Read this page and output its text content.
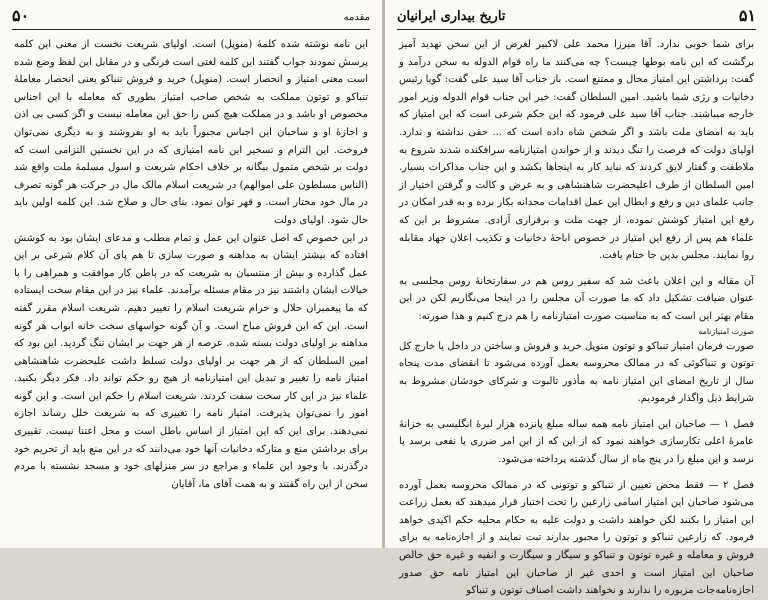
۵۰	مقدمه

این نامه نوشته شده کلمهٔ (منوپل) است. اولیای شریعت نخست از معنی این کلمه پرسش نمودند جواب گفتند این کلمه لغتی است فرنگی و در مقابل این لفظ وضع شده است معنی امتیاز و انحصار است. (منوپل) خرید و فروش تنباکو یعنی انحصار معاملهٔ تنباکو و توتون مملکت به شخص صاحب امتیاز بطوری که معامله با این اجناس مخصوص او باشد و در مملکت هیچ کس را حق این معامله نیست و اگر کسی بی اذن و اجازهٔ او و ساحبان این اجناس مجبوراً باید به او بفروشند و به دیگری نمی‌توان فروخت. این الترام و تسخیر این نامه امتیازی که در این نخستین التزامی است که دولت بر شخص متمول بیگانه بر خلاف احکام شریعت و اسول مسلمهٔ ملت واقع شد (الناس مسلطون علی اموالهم) در شریعت اسلام مالک مال در حرکت هر گونه تصرف در مال خود مختار است. و قهر توان نمود. بنای حال و صلاح شد. این کلمه اولین باید حال شود. اولیای دولت

در این خصوص که اصل عنوان این عمل و تمام مطلب و مدعای ایشان بود به کوشش افتاده که بیشتر ایشان به مداهنه و صورت سازی تا هم پای آن کلام شرعی بر این عمل گذارده و بیش از منتسبان به شریعت که در باطن کار موافقت و همراهی را با خیالات ایشان داشتند نیز در مقام مسئله برآمدند. علماء نیز در این مقام سخت ایستاده که ما پیغمبران حلال و حرام شریعت اسلام را تغییر دهیم. شریعت اسلام مقرر گفته است. این که این فروش مباح است. و آن گونه حواسهای سخت خانه ابواب هر گونه مداهنه بر اولیای دولت بسته شده. عرصه از هر جهت بر ایشان تنگ گردید. این بود که امین السلطان که از هر جهت بر اولیای دولت تسلط داشت علیحضرت شاهنشاهی امتیاز نامه را تغییر و تبدیل این امتیازنامه از هیچ رو حکم تواند داد. فکر دیگر بکنید. علماء نیز در این کار سخت سفت کردند. شریعت اسلام را حکم این است. و این گونه امور را نمی‌توان پذیرفت. امتیاز نامه را تغییری که به شریعت خلل رساند اجازه نمی‌دهند. برای این که این امتیاز از اساس باطل است و محل اعتنا نیست. تقییری برای برداشتن منع و متارکه دخانیات آنها خود می‌دانند که در این منع باید از تحریم خود درگذرند. با وجود این علماء و مراجع در سر منزلهای خود و مسجد نشسته با مردم سخن از این راه گفتند و به همت آقای ما، آقایان

۵۱
تاریخ بیداری ایرانیان

برای شما خوبی ندارد. آقا میرزا محمد علی لاکبیر لغرض از این سخن تهدید آمیز برگشت که این نامه بوطها چیست؟ چه می‌کنند ما راه قوام الدوله به سخن درآمد و گفت: برداشتن این امتیاز محال و ممتنع است. باز جناب آقا سید علی گفت: گویا رئیس دخانیات و رژی شما باشید. امین السلطان گفت: خیر این جناب قوام الدوله وزیر امور خارجه میباشند. جناب آقا سید علی فرمود که این حکم شرعی است که این امتیاز که باید به امضای ملت باشد و اگر شخص شاه داده است که ... حقی نداشته و ندارد. اولیای دولت که فرصت را تنگ دیدند و از خواندن امتیازنامه سرافکنده شدند شروع به ملاطفت و گفتار لایق کردند که نباید کار به اینجاها بکشد و این جناب مذاکرات بسیار. امین السلطان از طرف اعلیحضرت شاهنشاهی و به عرض و کالت و گرفتن اختیار از جانب علمای دین و رفع و ابطال این عمل اقدامات مجدانه بکار برده و به قدر امکان در رفع این امتیاز کوشش نموده، از جهت ملت و برقراری آزادی. مشروط بر این که علماء هم پس از رفع این امتیاز در خصوص اباحهٔ دخانیات و تکذیب اعلان جهاد مقابله روا نمایند. مجلس بدین جا ختام یافت.

آن مقاله و این اعلان باعث شد که سفیر روس هم در سفارتخانهٔ روس مجلسی به عنوان ضیافت تشکیل داد که ما صورت آن مجلس را در اینجا می‌نگاریم لکن در این مقام بهتر این است که به مناسبت صورت امتیازنامه را هم درج کنیم و هذا صورته:

صورت امتیازنامه

صورت فرمان امتیاز تنباکو و توتون منوپل خرید و فروش و ساختن در داخل یا خارج کل توتون و تنباکوئی که در ممالک محروسه بعمل آورده می‌شود تا انقضای مدت پنجاه سال از تاریخ امضای این امتیاز نامه به مأذور تالبوت و شرکای خودشان مشروط به شرایط ذیل واگذار فرمودیم.

فصل ۱ — صاحبان این امتیاز نامه همه ساله مبلغ پانزده هزار لیرهٔ انگلیسی به خزانهٔ عامرهٔ اعلی تکارسازی خواهند نمود که از این که از این امر ضرری یا نفعی برسد یا نرسد و این مبلغ را در پنج ماه از سال گذشته پرداخته می‌شود.

فصل ۲ — فقط محض تعیین از تنباکو و توتونی که در ممالک محروسه بعمل آورده می‌شود صاحبان این امتیاز اسامی زارعین را تحت اختیار قرار میدهند که بعمل زراعت این امتیاز را بکنند لکن خواهند داشت و دولت علیه به حکام محلیه حکم اکیدی خواهد فرمود. که زارعین تنباکو و توتون را مجبور بدارند تبت نمایند و از اجازه‌نامه به برای فروش و معامله و غیره توتون و تنباکو و سیگار و سیگارت و انفیه و غیره حق خالص صاحبان این امتیاز است و احدی غیر از صاحبان این امتیاز نامه حق صدور اجازه‌نامه‌جات مزبوره را ندارند و نخواهند داشت اصناف توتون و تنباکو
